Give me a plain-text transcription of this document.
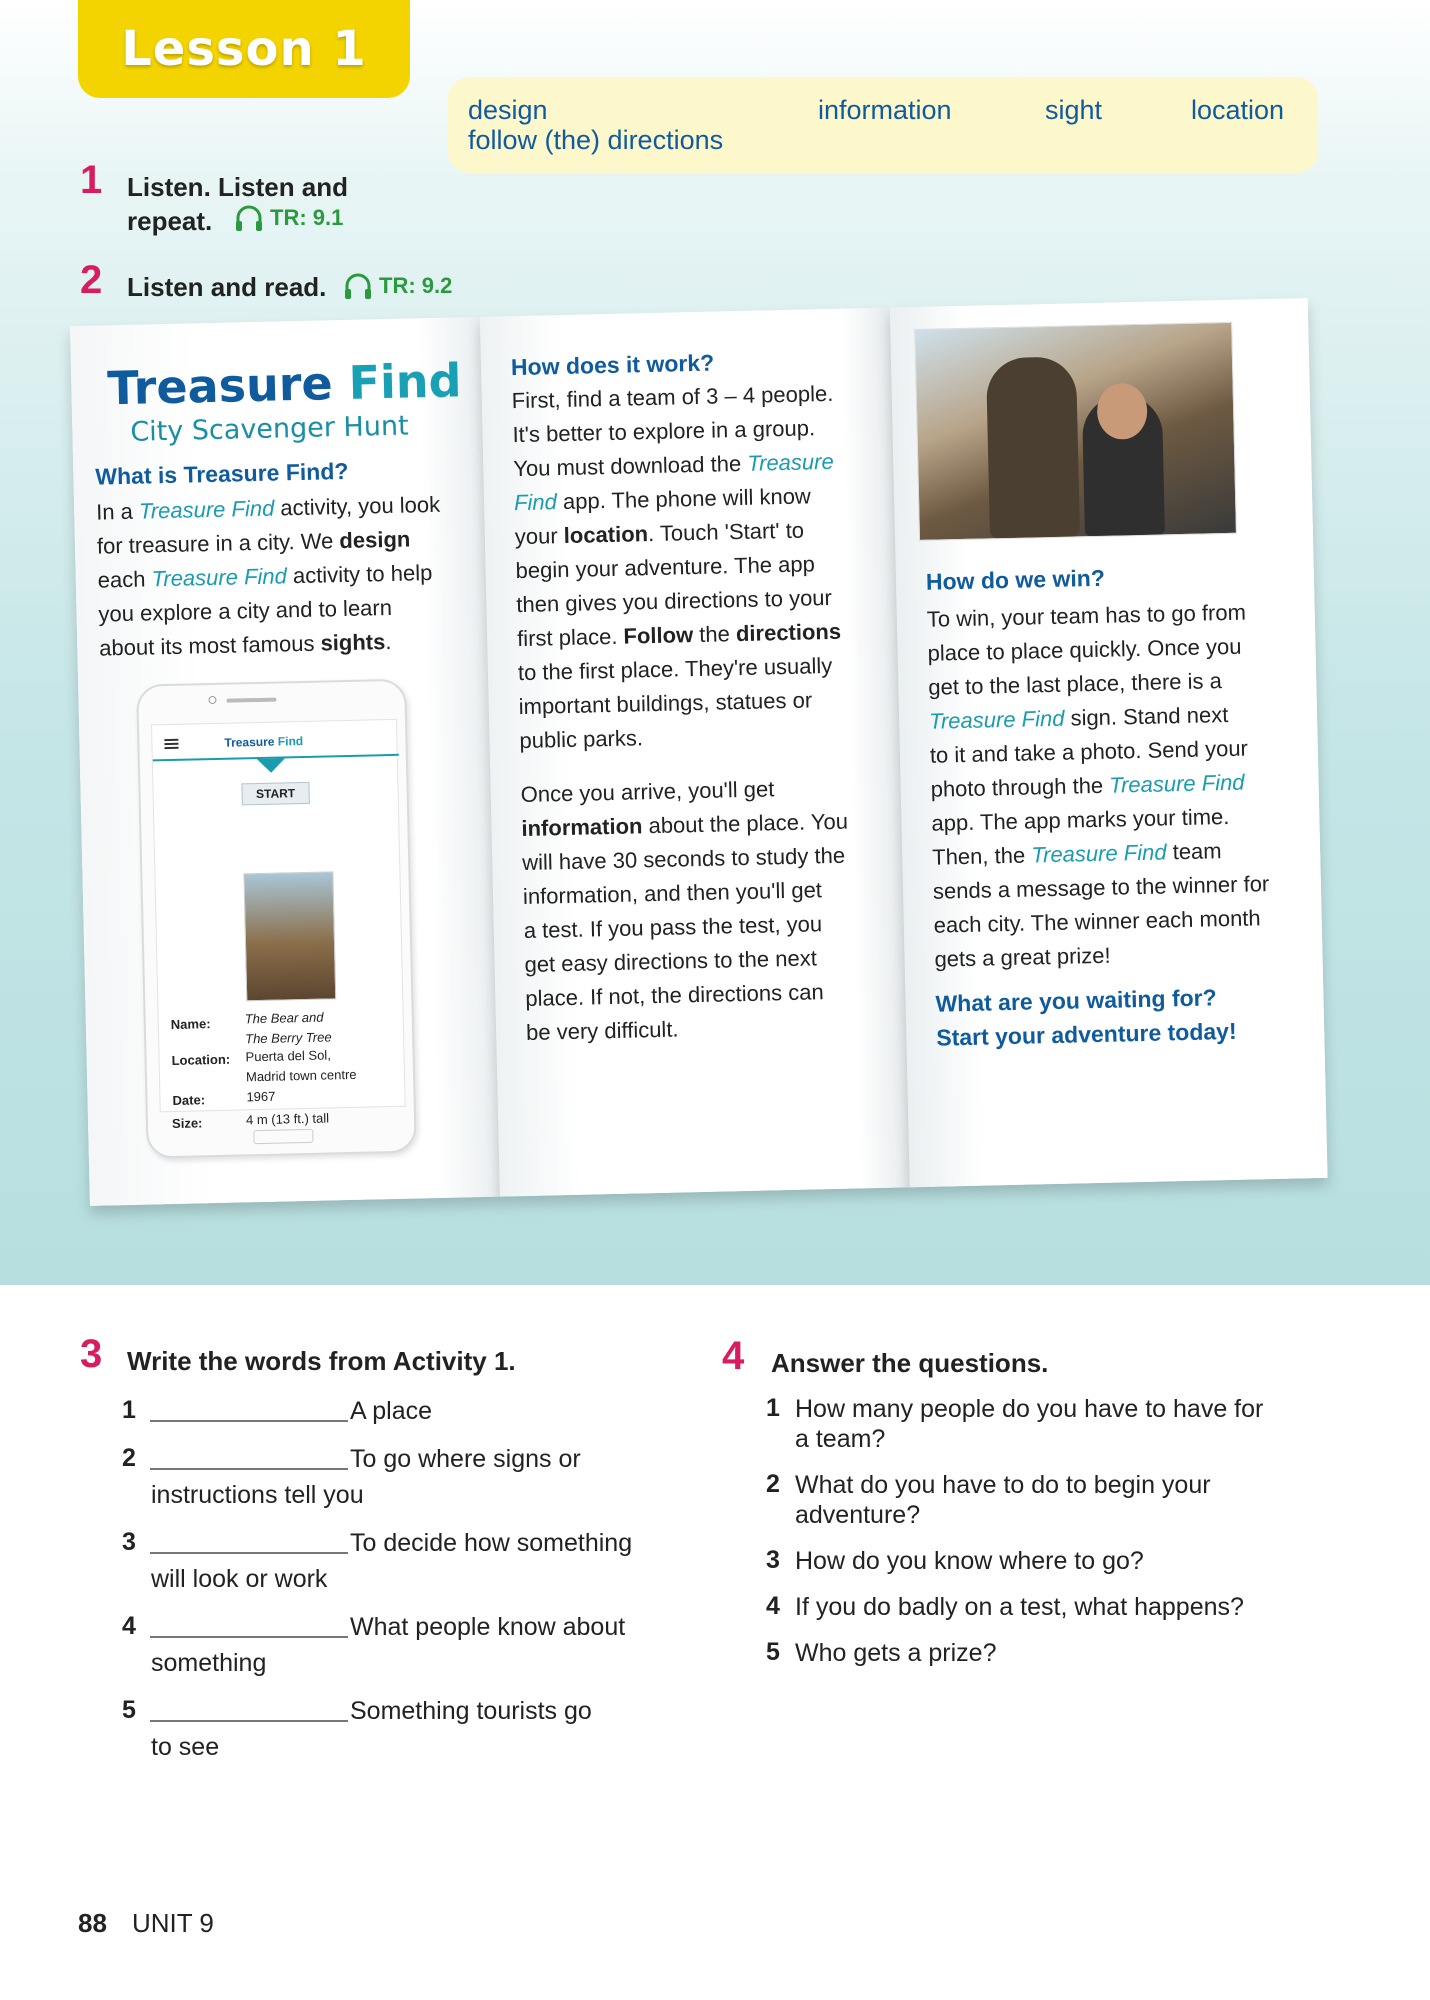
Lesson 1
design	information	sight	location
follow (the) directions
1 Listen. Listen and
repeat.	TR: 9.1
2 Listen and read. TR: 9.2
Treasure Find
City Scavenger Hunt
What is Treasure Find?
In a Treasure Find activity, you look
for treasure in a city. We design
each Treasure Find activity to help
you explore a city and to learn
about its most famous sights.
Treasure Find
START
Name:	The Bear and
The Berry Tree
Location: Puerta del Sol,
Madrid town centre
Date:	1967
Size:	4 m (13 ft.) tall
How does it work?
First, find a team of 3 – 4 people.
It's better to explore in a group.
You must download the Treasure
Find app. The phone will know
your location. Touch 'Start' to
begin your adventure. The app
then gives you directions to your
first place. Follow the directions
to the first place. They're usually
important buildings, statues or
public parks.
Once you arrive, you'll get
information about the place. You
will have 30 seconds to study the
information, and then you'll get
a test. If you pass the test, you
get easy directions to the next
place. If not, the directions can
be very difficult.
How do we win?
To win, your team has to go from
place to place quickly. Once you
get to the last place, there is a
Treasure Find sign. Stand next
to it and take a photo. Send your
photo through the Treasure Find
app. The app marks your time.
Then, the Treasure Find team
sends a message to the winner for
each city. The winner each month
gets a great prize!
What are you waiting for?
Start your adventure today!
3 Write the words from Activity 1.
1	A place
2	To go where signs or
instructions tell you
3	To decide how something
will look or work
4	What people know about
something
5	Something tourists go
to see
4 Answer the questions.
1 How many people do you have to have for
a team?
2 What do you have to do to begin your
adventure?
3 How do you know where to go?
4 If you do badly on a test, what happens?
5 Who gets a prize?
88 UNIT 9
